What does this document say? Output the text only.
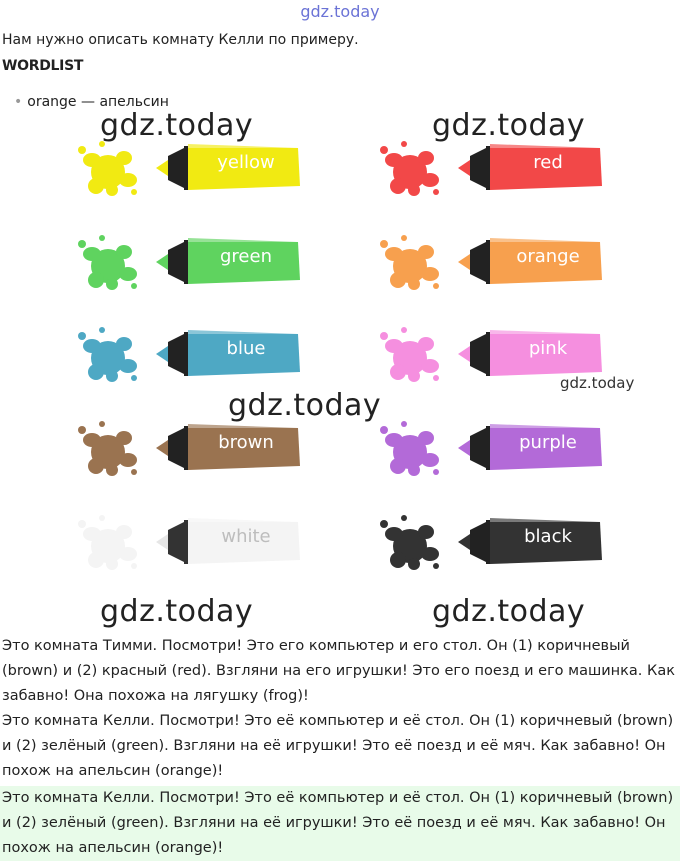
gdz.today
Нам нужно описать комнату Келли по примеру.
WORDLIST
• orange — апельсин
yellow
green
blue
brown
white
red
orange
pink
purple
black
gdz.today	gdz.today
gdz.today
gdz.today
gdz.today	gdz.today

Это комната Тимми. Посмотри! Это его компьютер и его стол. Он (1) коричневый (brown) и (2) красный (red). Взгляни на его игрушки! Это его поезд и его машинка. Как забавно! Она похожа на лягушку (frog)!

Это комната Келли. Посмотри! Это её компьютер и её стол. Он (1) коричневый (brown) и (2) зелёный (green). Взгляни на её игрушки! Это её поезд и её мяч. Как забавно! Он похож на апельсин (orange)!

Это комната Келли. Посмотри! Это её компьютер и её стол. Он (1) коричневый (brown) и (2) зелёный (green). Взгляни на её игрушки! Это её поезд и её мяч. Как забавно! Он похож на апельсин (orange)!
